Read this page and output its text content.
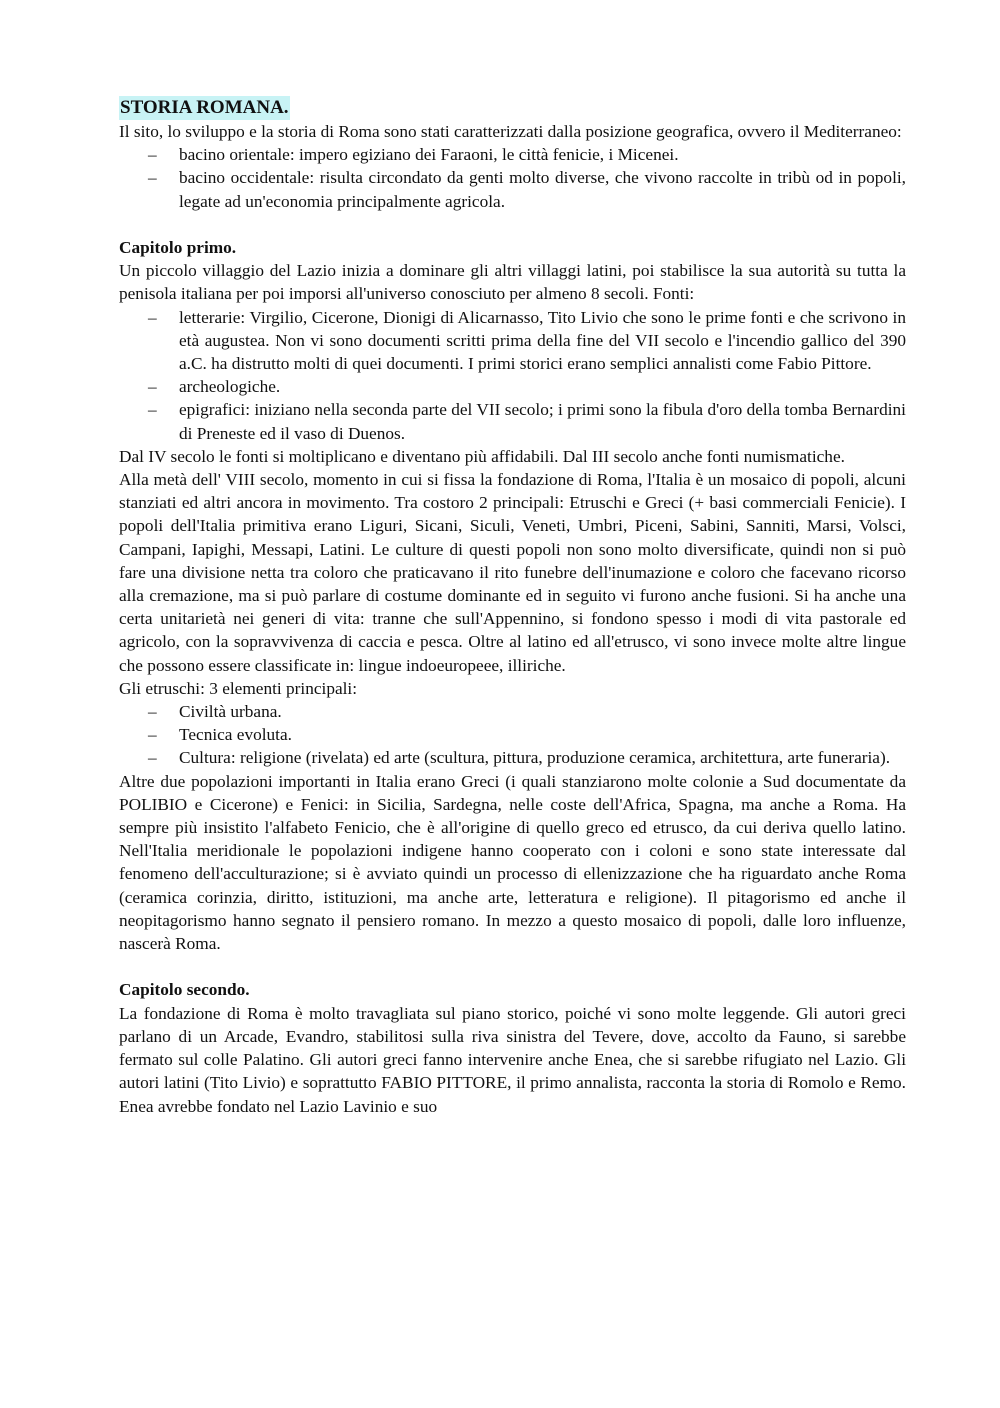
STORIA ROMANA.

Il sito, lo sviluppo e la storia di Roma sono stati caratterizzati dalla posizione geografica, ovvero il Mediterraneo:

– bacino orientale: impero egiziano dei Faraoni, le città fenicie, i Micenei.
– bacino occidentale: risulta circondato da genti molto diverse, che vivono raccolte in tribù od in popoli, legate ad un'economia principalmente agricola.
Capitolo primo.

Un piccolo villaggio del Lazio inizia a dominare gli altri villaggi latini, poi stabilisce la sua autorità su tutta la penisola italiana per poi imporsi all'universo conosciuto per almeno 8 secoli. Fonti:

– letterarie: Virgilio, Cicerone, Dionigi di Alicarnasso, Tito Livio che sono le prime fonti e che scrivono in età augustea. Non vi sono documenti scritti prima della fine del VII secolo e l'incendio gallico del 390 a.C. ha distrutto molti di quei documenti. I primi storici erano semplici annalisti come Fabio Pittore.
– archeologiche.
– epigrafici: iniziano nella seconda parte del VII secolo; i primi sono la fibula d'oro della tomba Bernardini di Preneste ed il vaso di Duenos.

Dal IV secolo le fonti si moltiplicano e diventano più affidabili. Dal III secolo anche fonti numismatiche.

Alla metà dell' VIII secolo, momento in cui si fissa la fondazione di Roma, l'Italia è un mosaico di popoli, alcuni stanziati ed altri ancora in movimento. Tra costoro 2 principali: Etruschi e Greci (+ basi commerciali Fenicie). I popoli dell'Italia primitiva erano Liguri, Sicani, Siculi, Veneti, Umbri, Piceni, Sabini, Sanniti, Marsi, Volsci, Campani, Iapighi, Messapi, Latini. Le culture di questi popoli non sono molto diversificate, quindi non si può fare una divisione netta tra coloro che praticavano il rito funebre dell'inumazione e coloro che facevano ricorso alla cremazione, ma si può parlare di costume dominante ed in seguito vi furono anche fusioni. Si ha anche una certa unitarietà nei generi di vita: tranne che sull'Appennino, si fondono spesso i modi di vita pastorale ed agricolo, con la sopravvivenza di caccia e pesca. Oltre al latino ed all'etrusco, vi sono invece molte altre lingue che possono essere classificate in: lingue indoeuropeee, illiriche.

Gli etruschi: 3 elementi principali:

– Civiltà urbana.
– Tecnica evoluta.
– Cultura: religione (rivelata) ed arte (scultura, pittura, produzione ceramica, architettura, arte funeraria).

Altre due popolazioni importanti in Italia erano Greci (i quali stanziarono molte colonie a Sud documentate da POLIBIO e Cicerone) e Fenici: in Sicilia, Sardegna, nelle coste dell'Africa, Spagna, ma anche a Roma. Ha sempre più insistito l'alfabeto Fenicio, che è all'origine di quello greco ed etrusco, da cui deriva quello latino. Nell'Italia meridionale le popolazioni indigene hanno cooperato con i coloni e sono state interessate dal fenomeno dell'acculturazione; si è avviato quindi un processo di ellenizzazione che ha riguardato anche Roma (ceramica corinzia, diritto, istituzioni, ma anche arte, letteratura e religione). Il pitagorismo ed anche il neopitagorismo hanno segnato il pensiero romano. In mezzo a questo mosaico di popoli, dalle loro influenze, nascerà Roma.

Capitolo secondo.

La fondazione di Roma è molto travagliata sul piano storico, poiché vi sono molte leggende. Gli autori greci parlano di un Arcade, Evandro, stabilitosi sulla riva sinistra del Tevere, dove, accolto da Fauno, si sarebbe fermato sul colle Palatino. Gli autori greci fanno intervenire anche Enea, che si sarebbe rifugiato nel Lazio. Gli autori latini (Tito Livio) e soprattutto FABIO PITTORE, il primo annalista, racconta la storia di Romolo e Remo. Enea avrebbe fondato nel Lazio Lavinio e suo
